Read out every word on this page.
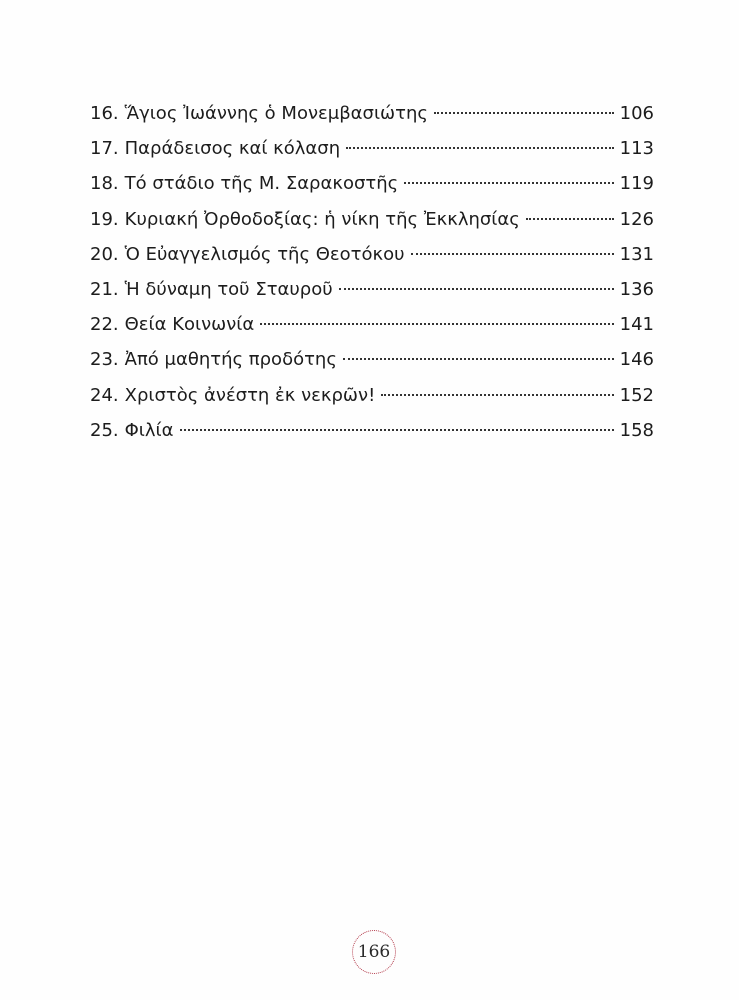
16. Ἅγιος Ἰωάννης ὁ Μονεμβασιώτης	106
17. Παράδεισος καί κόλαση	113
18. Τό στάδιο τῆς Μ. Σαρακοστῆς	119
19. Κυριακή Ὀρθοδοξίας: ἡ νίκη τῆς Ἐκκλησίας	126
20. Ὁ Εὐαγγελισμός τῆς Θεοτόκου	131
21. Ἡ δύναμη τοῦ Σταυροῦ	136
22. Θεία Κοινωνία	141
23. Ἀπό μαθητής προδότης	146
24. Χριστὸς ἀνέστη ἐκ νεκρῶν!	152
25. Φιλία	158
166
